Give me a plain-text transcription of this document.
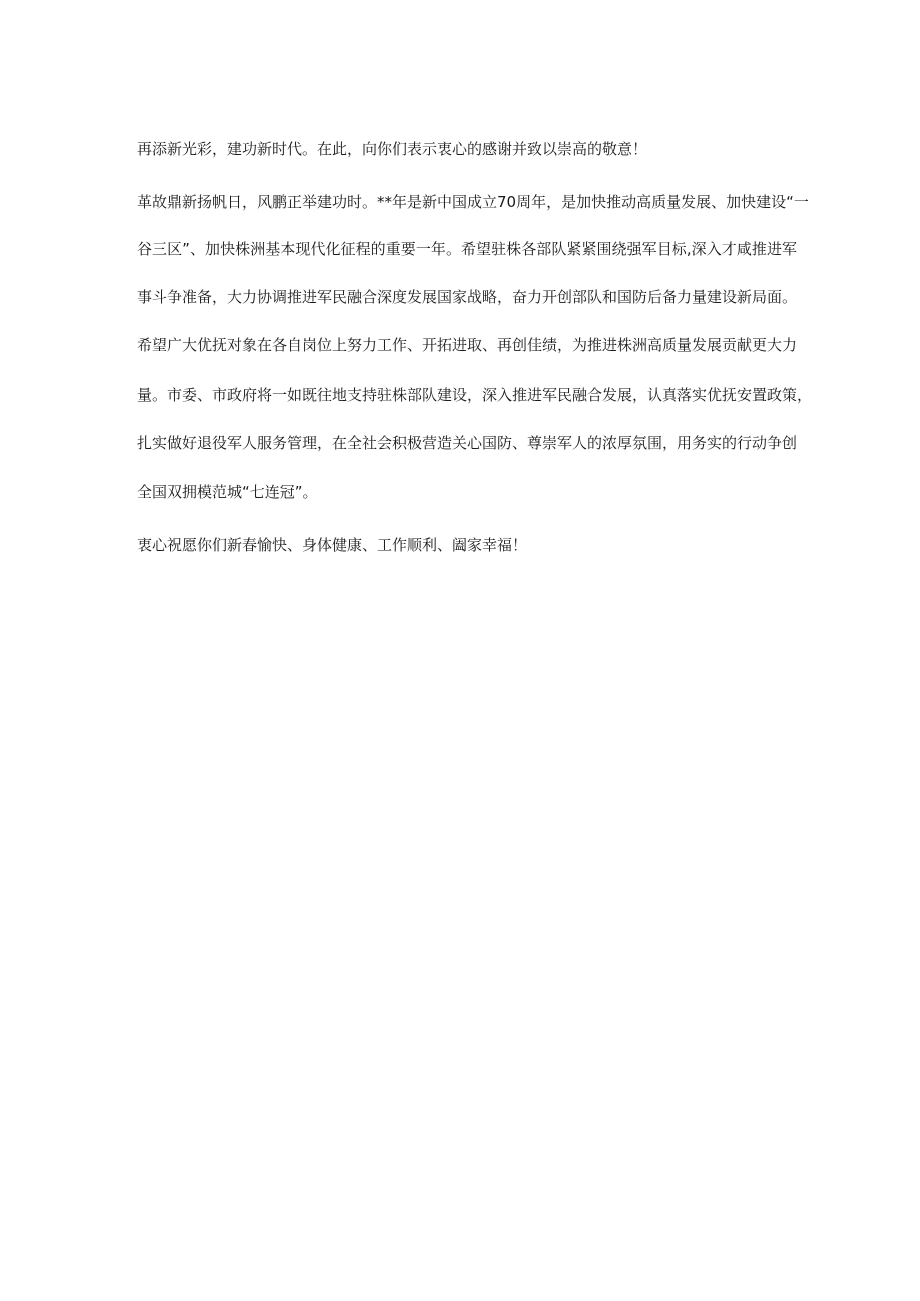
再添新光彩，建功新时代。在此，向你们表示衷心的感谢并致以崇高的敬意！
革故鼎新扬帆日，风鹏正举建功时。**年是新中国成立70周年，是加快推动高质量发展、加快建设“一
谷三区”、加快株洲基本现代化征程的重要一年。希望驻株各部队紧紧围绕强军目标,深入才咸推进军
事斗争准备，大力协调推进军民融合深度发展国家战略，奋力开创部队和国防后备力量建设新局面。
希望广大优抚对象在各自岗位上努力工作、开拓进取、再创佳绩，为推进株洲高质量发展贡献更大力
量。市委、市政府将一如既往地支持驻株部队建设，深入推进军民融合发展，认真落实优抚安置政策，
扎实做好退役军人服务管理，在全社会积极营造关心国防、尊崇军人的浓厚氛围，用务实的行动争创
全国双拥模范城“七连冠”。
衷心祝愿你们新春愉快、身体健康、工作顺利、阖家幸福！
